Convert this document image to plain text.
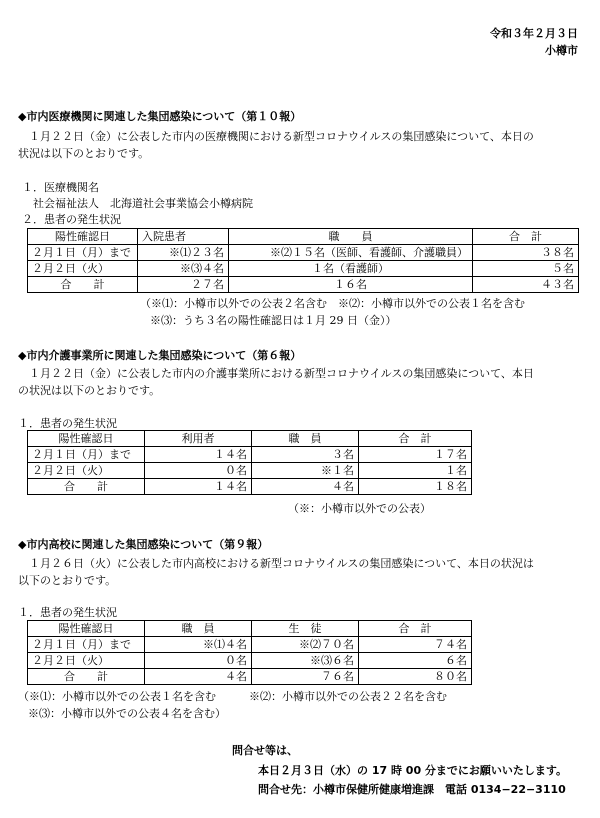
令和３年２月３日
小樽市
◆市内医療機関に関連した集団感染について（第１０報）
　１月２２日（金）に公表した市内の医療機関における新型コロナウイルスの集団感染について、本日の
状況は以下のとおりです。
１．医療機関名
　社会福祉法人　北海道社会事業協会小樽病院
２．患者の発生状況
陽性確認日	入院患者	職　　員	合　計
２月１日（月）まで	※⑴２３名	※⑵１５名（医師、看護師、介護職員）	３８名
２月２日（火）	※⑶４名	１名（看護師）	５名
合　　計	２７名	１６名	４３名
（※⑴：小樽市以外での公表２名含む　※⑵：小樽市以外での公表１名を含む
※⑶：うち３名の陽性確認日は１月 29 日（金））
◆市内介護事業所に関連した集団感染について（第６報）
　１月２２日（金）に公表した市内の介護事業所における新型コロナウイルスの集団感染について、本日
の状況は以下のとおりです。
１．患者の発生状況
陽性確認日	利用者	職　員	合　計
２月１日（月）まで	１４名	３名	１７名
２月２日（火）	０名	※１名	１名
合　　計	１４名	４名	１８名
（※：小樽市以外での公表）
◆市内高校に関連した集団感染について（第９報）
　１月２６日（火）に公表した市内高校における新型コロナウイルスの集団感染について、本日の状況は
以下のとおりです。
１．患者の発生状況
陽性確認日	職　員	生　徒	合　計
２月１日（月）まで	※⑴４名	※⑵７０名	７４名
２月２日（火）	０名	※⑶６名	６名
合　　計	４名	７６名	８０名
（※⑴：小樽市以外での公表１名を含む　　　※⑵：小樽市以外での公表２２名を含む
※⑶：小樽市以外での公表４名を含む）
問合せ等は、
本日２月３日（水）の 17 時 00 分までにお願いいたします。
問合せ先：小樽市保健所健康増進課　電話 0134−22−3110
